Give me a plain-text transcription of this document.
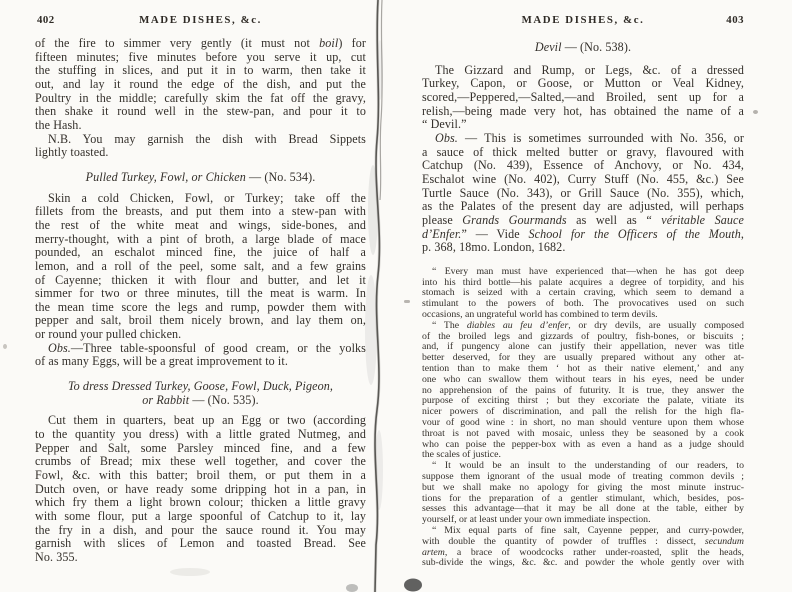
402	MADE DISHES, &c.
of the fire to simmer very gently (it must not boil) for
fifteen minutes; five minutes before you serve it up, cut
the stuffing in slices, and put it in to warm, then take it
out, and lay it round the edge of the dish, and put the
Poultry in the middle; carefully skim the fat off the gravy,
then shake it round well in the stew-pan, and pour it to
the Hash.
N.B. You may garnish the dish with Bread Sippets
lightly toasted.
Pulled Turkey, Fowl, or Chicken — (No. 534).
Skin a cold Chicken, Fowl, or Turkey; take off the
fillets from the breasts, and put them into a stew-pan with
the rest of the white meat and wings, side-bones, and
merry-thought, with a pint of broth, a large blade of mace
pounded, an eschalot minced fine, the juice of half a
lemon, and a roll of the peel, some salt, and a few grains
of Cayenne; thicken it with flour and butter, and let it
simmer for two or three minutes, till the meat is warm. In
the mean time score the legs and rump, powder them with
pepper and salt, broil them nicely brown, and lay them on,
or round your pulled chicken.
Obs.—Three table-spoonsful of good cream, or the yolks
of as many Eggs, will be a great improvement to it.
To dress Dressed Turkey, Goose, Fowl, Duck, Pigeon,
or Rabbit — (No. 535).
Cut them in quarters, beat up an Egg or two (according
to the quantity you dress) with a little grated Nutmeg, and
Pepper and Salt, some Parsley minced fine, and a few
crumbs of Bread; mix these well together, and cover the
Fowl, &c. with this batter; broil them, or put them in a
Dutch oven, or have ready some dripping hot in a pan, in
which fry them a light brown colour; thicken a little gravy
with some flour, put a large spoonful of Catchup to it, lay
the fry in a dish, and pour the sauce round it. You may
garnish with slices of Lemon and toasted Bread. See
No. 355.
MADE DISHES, &c.	403
Devil — (No. 538).
The Gizzard and Rump, or Legs, &c. of a dressed
Turkey, Capon, or Goose, or Mutton or Veal Kidney,
scored,—Peppered,—Salted,—and Broiled, sent up for a
relish,—being made very hot, has obtained the name of a
“ Devil.”
Obs. — This is sometimes surrounded with No. 356, or
a sauce of thick melted butter or gravy, flavoured with
Catchup (No. 439), Essence of Anchovy, or No. 434,
Eschalot wine (No. 402), Curry Stuff (No. 455, &c.) See
Turtle Sauce (No. 343), or Grill Sauce (No. 355), which,
as the Palates of the present day are adjusted, will perhaps
please Grands Gourmands as well as “ véritable Sauce
d’Enfer.” — Vide School for the Officers of the Mouth,
p. 368, 18mo. London, 1682.
“ Every man must have experienced that—when he has got deep
into his third bottle—his palate acquires a degree of torpidity, and his
stomach is seized with a certain craving, which seem to demand a
stimulant to the powers of both. The provocatives used on such
occasions, an ungrateful world has combined to term devils.
“ The diables au feu d’enfer, or dry devils, are usually composed
of the broiled legs and gizzards of poultry, fish-bones, or biscuits ;
and, if pungency alone can justify their appellation, never was title
better deserved, for they are usually prepared without any other at-
tention than to make them ‘ hot as their native element,’ and any
one who can swallow them without tears in his eyes, need be under
no apprehension of the pains of futurity. It is true, they answer the
purpose of exciting thirst ; but they excoriate the palate, vitiate its
nicer powers of discrimination, and pall the relish for the high fla-
vour of good wine : in short, no man should venture upon them whose
throat is not paved with mosaic, unless they be seasoned by a cook
who can poise the pepper-box with as even a hand as a judge should
the scales of justice.
“ It would be an insult to the understanding of our readers, to
suppose them ignorant of the usual mode of treating common devils ;
but we shall make no apology for giving the most minute instruc-
tions for the preparation of a gentler stimulant, which, besides, pos-
sesses this advantage—that it may be all done at the table, either by
yourself, or at least under your own immediate inspection.
“ Mix equal parts of fine salt, Cayenne pepper, and curry-powder,
with double the quantity of powder of truffles : dissect, secundum
artem, a brace of woodcocks rather under-roasted, split the heads,
sub-divide the wings, &c. &c. and powder the whole gently over with
